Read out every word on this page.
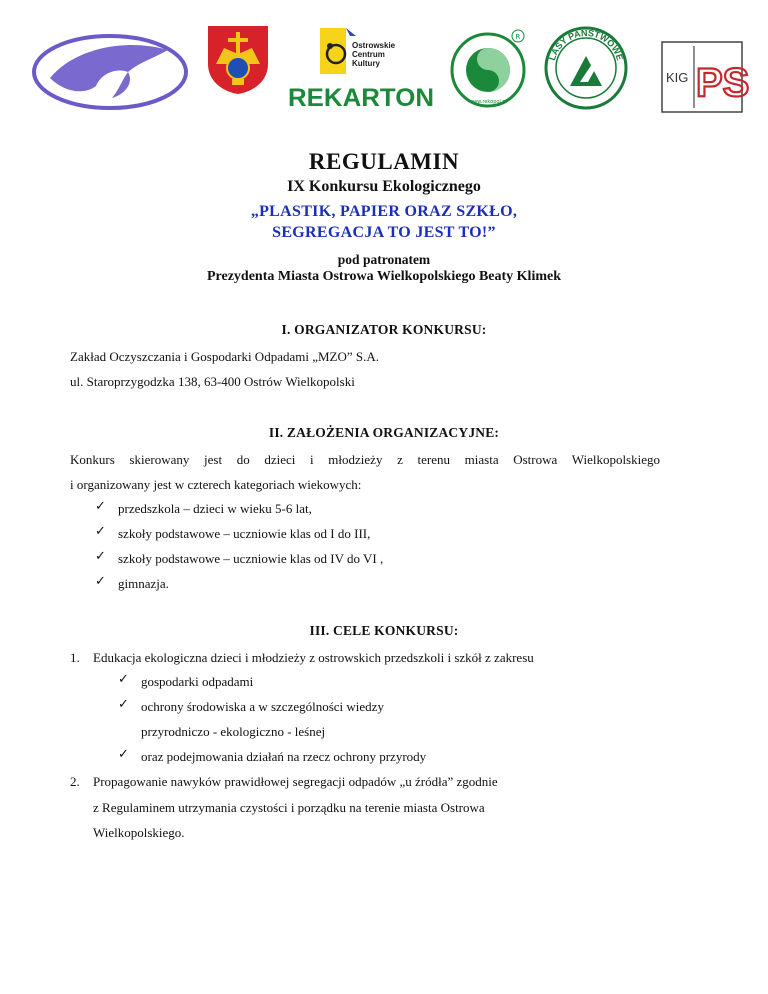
Ostrowskie
Centrum
Kultury
REKARTON
R
www.rekopol.pl
LASY PAŃSTWOWE
KIG PS

REGULAMIN

IX Konkursu Ekologicznego

„PLASTIK, PAPIER ORAZ SZKŁO,

SEGREGACJA TO JEST TO!”

pod patronatem

Prezydenta Miasta Ostrowa Wielkopolskiego Beaty Klimek

I. ORGANIZATOR KONKURSU:
Zakład Oczyszczania i Gospodarki Odpadami „MZO” S.A.
ul. Staroprzygodzka 138, 63-400 Ostrów Wielkopolski
II. ZAŁOŻENIA ORGANIZACYJNE:
Konkurs skierowany jest do dzieci i młodzieży z terenu miasta Ostrowa Wielkopolskiego
i organizowany jest w czterech kategoriach wiekowych:
✓ przedszkola – dzieci w wieku 5-6 lat,
✓ szkoły podstawowe – uczniowie klas od I do III,
✓ szkoły podstawowe – uczniowie klas od IV do VI ,
✓ gimnazja.
III. CELE KONKURSU:
1. Edukacja ekologiczna dzieci i młodzieży z ostrowskich przedszkoli i szkół z zakresu
✓ gospodarki odpadami
✓ ochrony środowiska a w szczególności wiedzy
przyrodniczo - ekologiczno - leśnej
✓ oraz podejmowania działań na rzecz ochrony przyrody
2. Propagowanie nawyków prawidłowej segregacji odpadów „u źródła” zgodnie
z Regulaminem utrzymania czystości i porządku na terenie miasta Ostrowa
Wielkopolskiego.
